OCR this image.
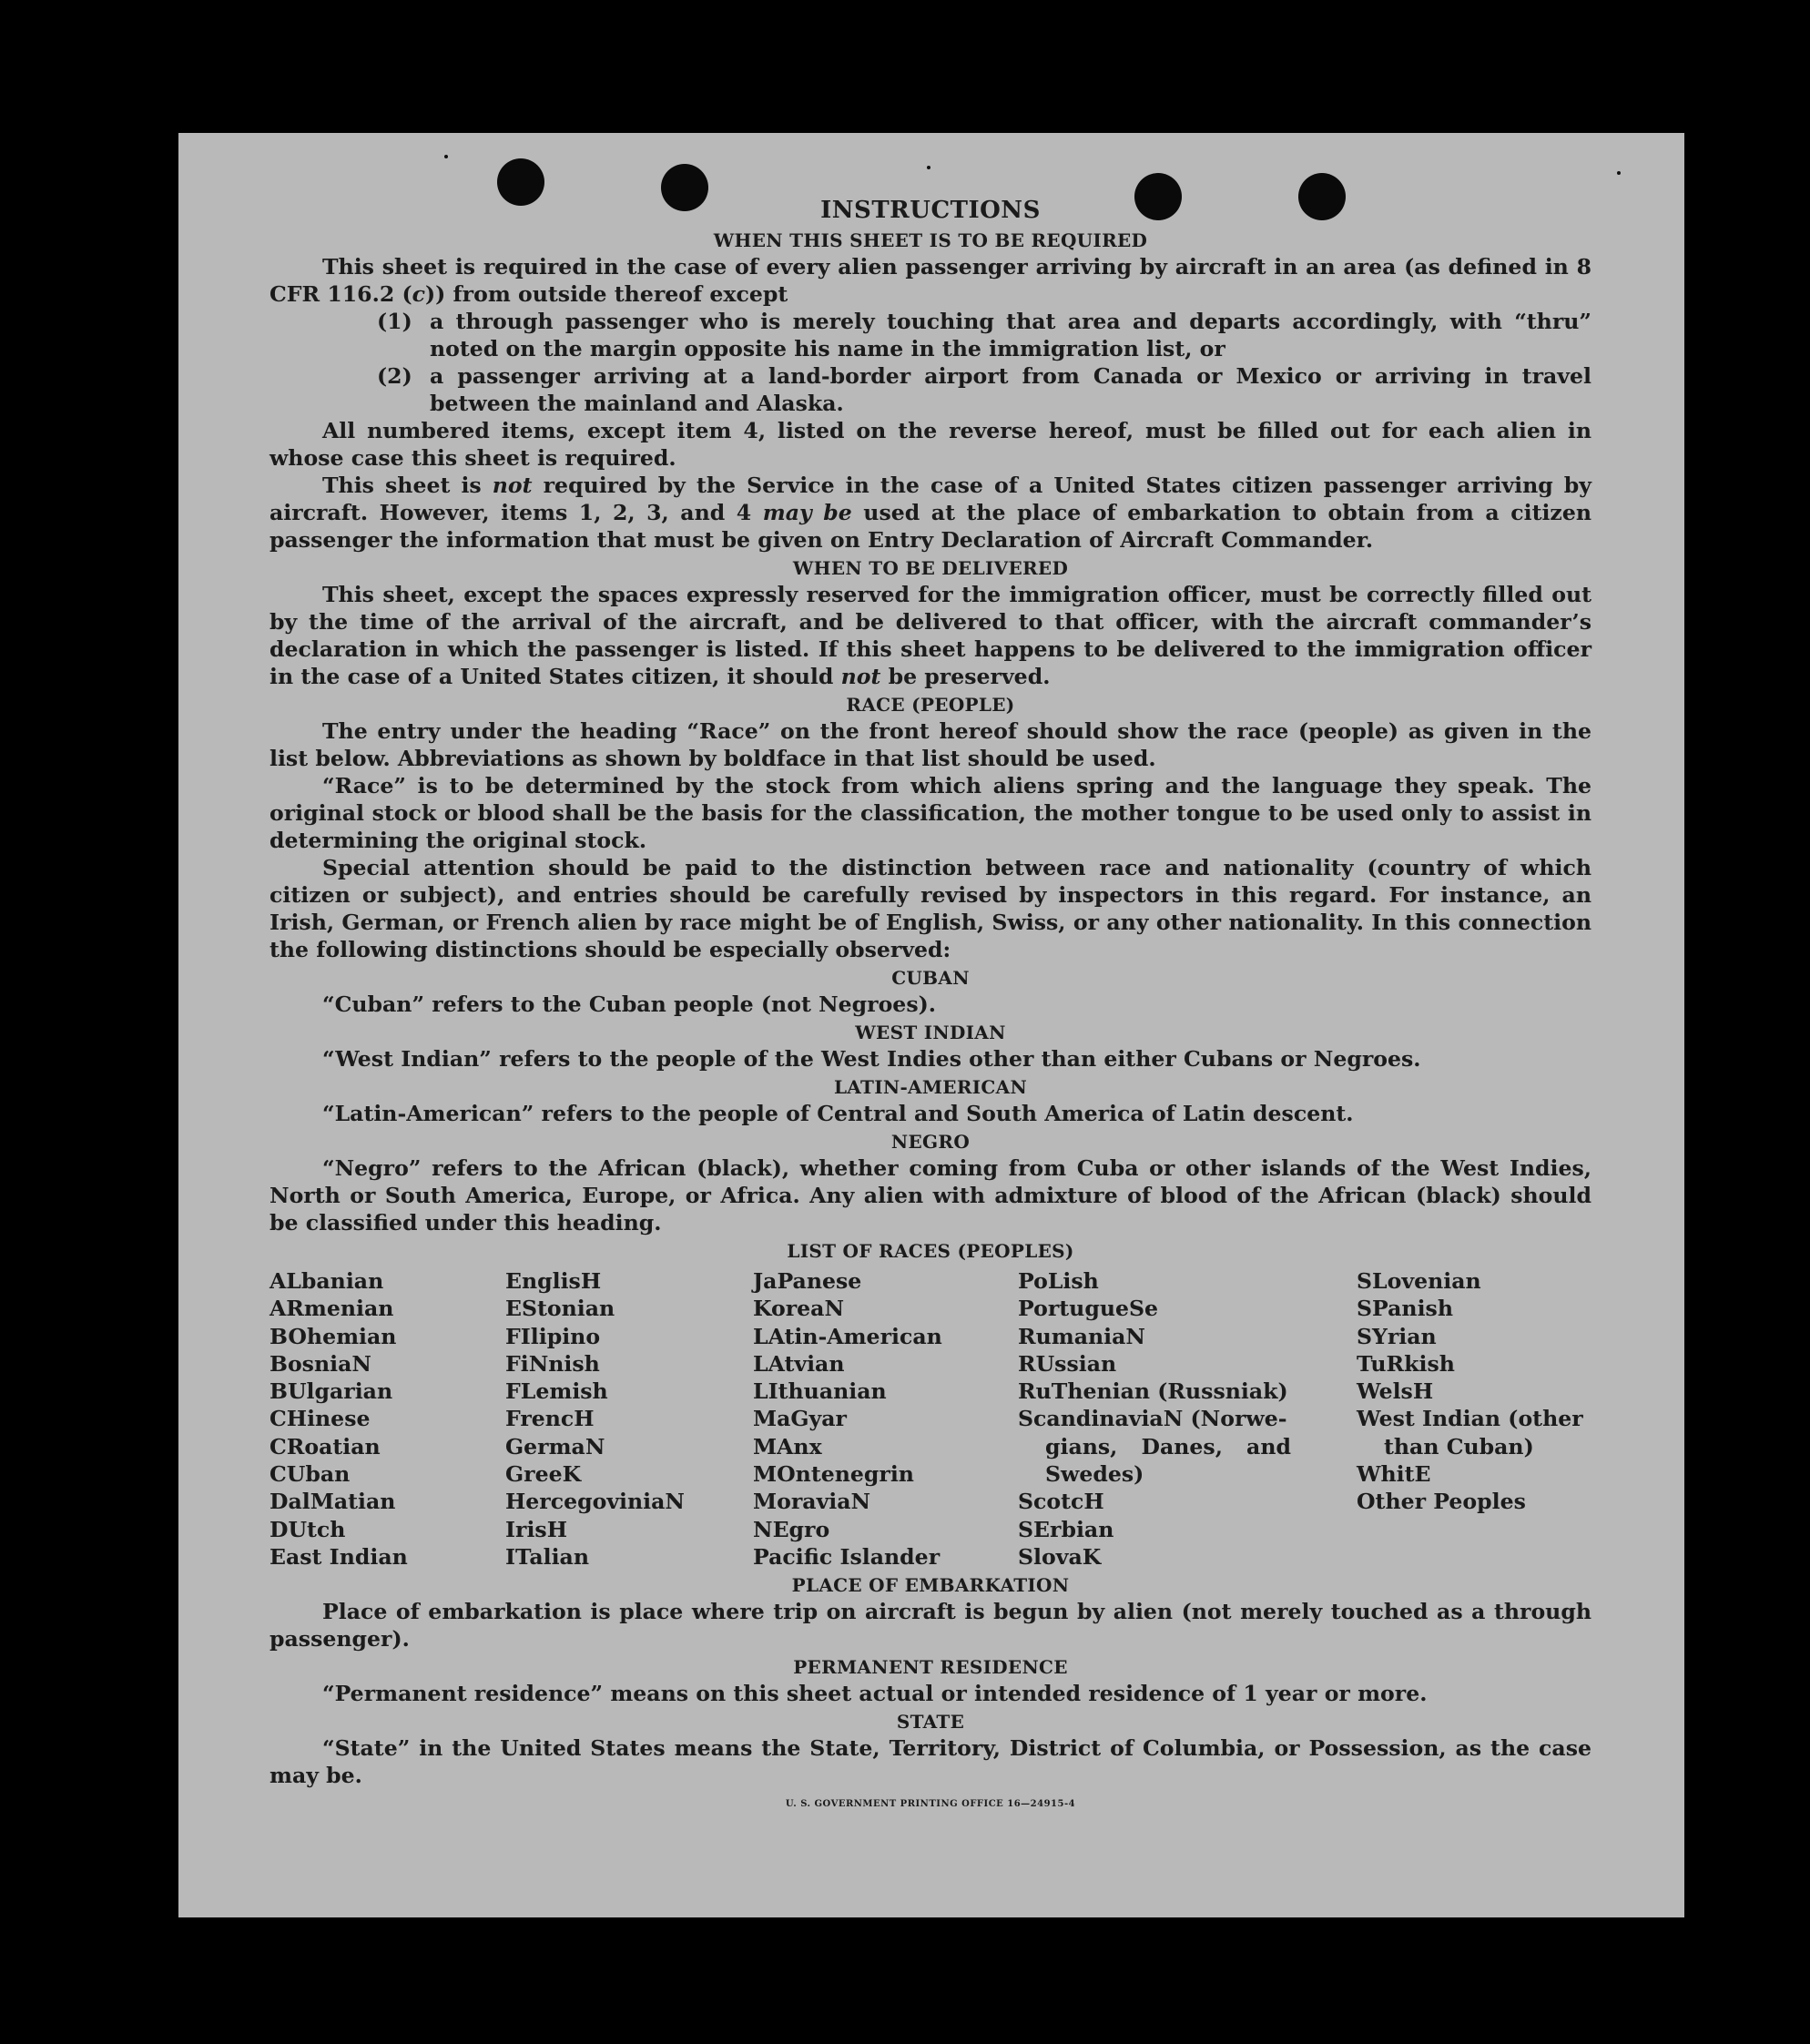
INSTRUCTIONS
WHEN THIS SHEET IS TO BE REQUIRED

This sheet is required in the case of every alien passenger arriving by aircraft in an area (as defined in 8 CFR 116.2 (c)) from outside thereof except

(1) a through passenger who is merely touching that area and departs accordingly, with “thru” noted on the margin opposite his name in the immigration list, or
(2) a passenger arriving at a land-border airport from Canada or Mexico or arriving in travel between the mainland and Alaska.

All numbered items, except item 4, listed on the reverse hereof, must be filled out for each alien in whose case this sheet is required.

This sheet is not required by the Service in the case of a United States citizen passenger arriving by aircraft. However, items 1, 2, 3, and 4 may be used at the place of embarkation to obtain from a citizen passenger the information that must be given on Entry Declaration of Aircraft Commander.

WHEN TO BE DELIVERED

This sheet, except the spaces expressly reserved for the immigration officer, must be correctly filled out by the time of the arrival of the aircraft, and be delivered to that officer, with the aircraft commander’s declaration in which the passenger is listed. If this sheet happens to be delivered to the immigration officer in the case of a United States citizen, it should not be preserved.

RACE (PEOPLE)

The entry under the heading “Race” on the front hereof should show the race (people) as given in the list below. Abbreviations as shown by boldface in that list should be used.

“Race” is to be determined by the stock from which aliens spring and the language they speak. The original stock or blood shall be the basis for the classification, the mother tongue to be used only to assist in determining the original stock.

Special attention should be paid to the distinction between race and nationality (country of which citizen or subject), and entries should be carefully revised by inspectors in this regard. For instance, an Irish, German, or French alien by race might be of English, Swiss, or any other nationality. In this connection the following distinctions should be especially observed:

CUBAN

“Cuban” refers to the Cuban people (not Negroes).

WEST INDIAN

“West Indian” refers to the people of the West Indies other than either Cubans or Negroes.

LATIN-AMERICAN

“Latin-American” refers to the people of Central and South America of Latin descent.

NEGRO

“Negro” refers to the African (black), whether coming from Cuba or other islands of the West Indies, North or South America, Europe, or Africa. Any alien with admixture of blood of the African (black) should be classified under this heading.

LIST OF RACES (PEOPLES)
ALbanian
ARmenian
BOhemian
BosniaN
BUlgarian
CHinese
CRoatian
CUban
DalMatian
DUtch
East Indian
EnglisH
EStonian
FIlipino
FiNnish
FLemish
FrencH
GermaN
GreeK
HercegoviniaN
IrisH
ITalian
JaPanese
KoreaN
LAtin-American
LAtvian
LIthuanian
MaGyar
MAnx
MOntenegrin
MoraviaN
NEgro
Pacific Islander
PoLish
PortugueSe
RumaniaN
RUssian
RuThenian (Russniak)
ScandinaviaN (Norwe-
gians, Danes, and Swedes)
ScotcH
SErbian
SlovaK
SLovenian
SPanish
SYrian
TuRkish
WelsH
West Indian (other
than Cuban)
WhitE
Other Peoples
PLACE OF EMBARKATION

Place of embarkation is place where trip on aircraft is begun by alien (not merely touched as a through passenger).

PERMANENT RESIDENCE

“Permanent residence” means on this sheet actual or intended residence of 1 year or more.

STATE

“State” in the United States means the State, Territory, District of Columbia, or Possession, as the case may be.

U. S. GOVERNMENT PRINTING OFFICE 16—24915-4
